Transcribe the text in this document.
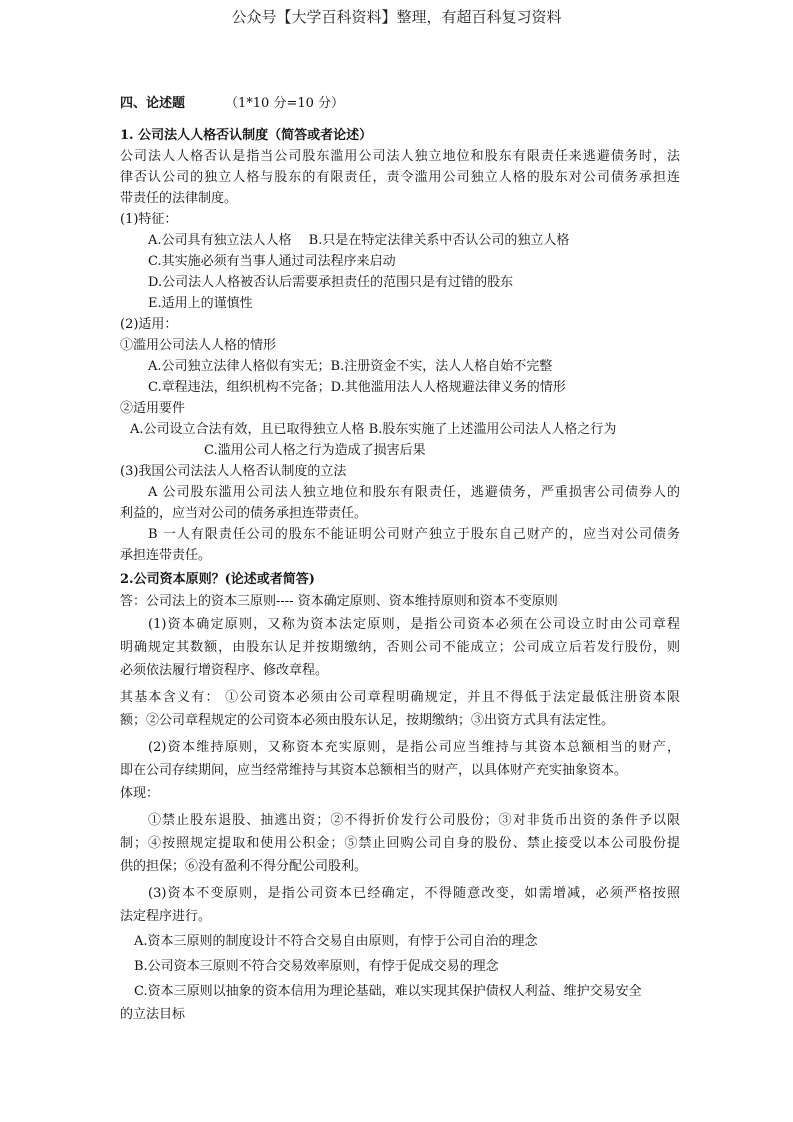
公众号【大学百科资料】整理，有超百科复习资料
四、论述题	（1*10 分=10 分）
1. 公司法人人格否认制度（简答或者论述）
公司法人人格否认是指当公司股东滥用公司法人独立地位和股东有限责任来逃避债务时，法
律否认公司的独立人格与股东的有限责任，责令滥用公司独立人格的股东对公司债务承担连
带责任的法律制度。
(1)特征：
A.公司具有独立法人人格　 B.只是在特定法律关系中否认公司的独立人格
C.其实施必须有当事人通过司法程序来启动
D.公司法人人格被否认后需要承担责任的范围只是有过错的股东
E.适用上的谨慎性
(2)适用：
①滥用公司法人人格的情形
A.公司独立法律人格似有实无；B.注册资金不实，法人人格自始不完整
C.章程违法，组织机构不完备；D.其他滥用法人人格规避法律义务的情形
②适用要件
A.公司设立合法有效，且已取得独立人格 B.股东实施了上述滥用公司法人人格之行为
C.滥用公司人格之行为造成了损害后果
(3)我国公司法法人人格否认制度的立法
A 公司股东滥用公司法人独立地位和股东有限责任，逃避债务，严重损害公司债券人的
利益的，应当对公司的债务承担连带责任。
B 一人有限责任公司的股东不能证明公司财产独立于股东自己财产的，应当对公司债务
承担连带责任。
2.公司资本原则？(论述或者简答)
答：公司法上的资本三原则---- 资本确定原则、资本维持原则和资本不变原则
(1)资本确定原则，又称为资本法定原则，是指公司资本必须在公司设立时由公司章程
明确规定其数额，由股东认足并按期缴纳，否则公司不能成立；公司成立后若发行股份，则
必须依法履行增资程序、修改章程。
其基本含义有： ①公司资本必须由公司章程明确规定，并且不得低于法定最低注册资本限
额；②公司章程规定的公司资本必须由股东认足，按期缴纳；③出资方式具有法定性。
(2)资本维持原则，又称资本充实原则，是指公司应当维持与其资本总额相当的财产，
即在公司存续期间，应当经常维持与其资本总额相当的财产，以具体财产充实抽象资本。
体现：
①禁止股东退股、抽逃出资；②不得折价发行公司股份；③对非货币出资的条件予以限
制；④按照规定提取和使用公积金；⑤禁止回购公司自身的股份、禁止接受以本公司股份提
供的担保；⑥没有盈利不得分配公司股利。
(3)资本不变原则，是指公司资本已经确定，不得随意改变，如需增减，必须严格按照
法定程序进行。
A.资本三原则的制度设计不符合交易自由原则，有悖于公司自治的理念
B.公司资本三原则不符合交易效率原则，有悖于促成交易的理念
C.资本三原则以抽象的资本信用为理论基础，难以实现其保护债权人利益、维护交易安全
的立法目标
